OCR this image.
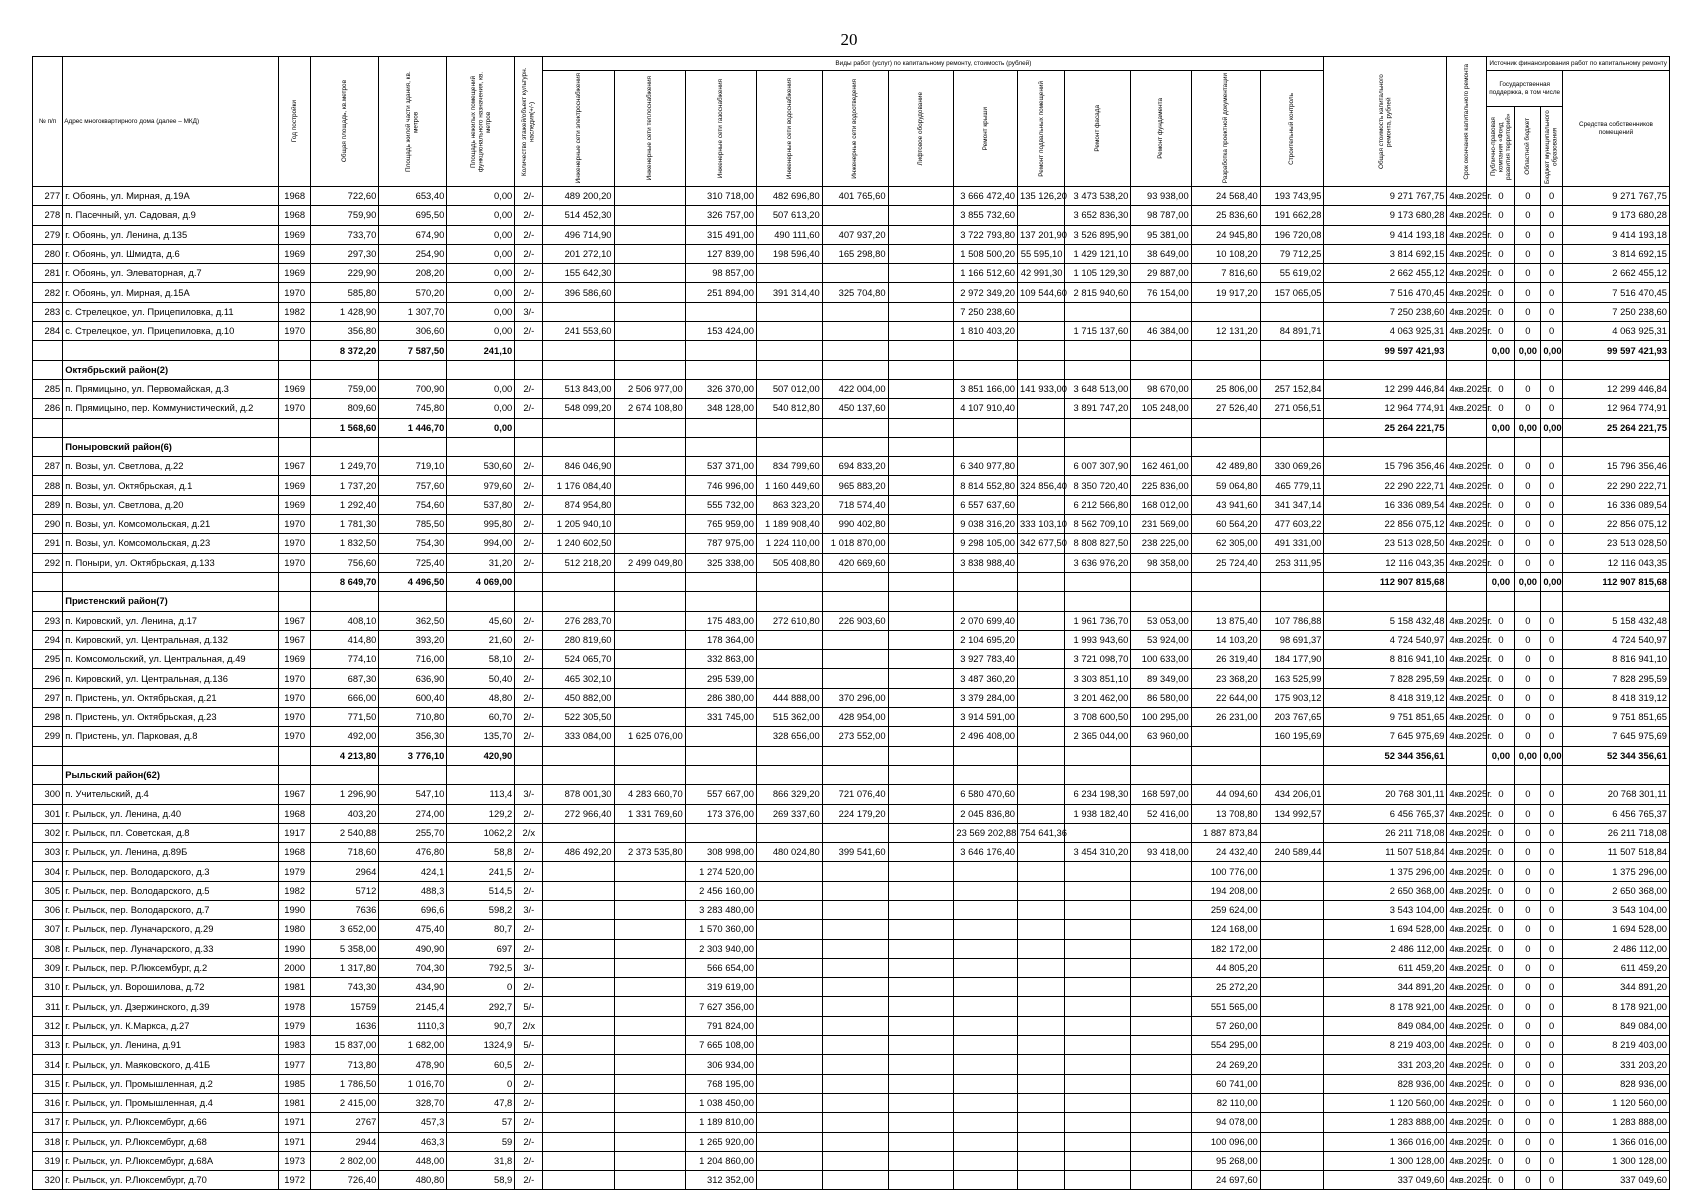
20
№ п/п	Адрес многоквартирного дома (далее – МКД)	Год постройки	Общая площадь, кв.метров	Площадь жилой части здания, кв. метров	Площадь нежилых помещений функционального назначения, кв. метров	Количество этажей/объект культурн. наследия(+/-)	Виды работ (услуг) по капитальному ремонту, стоимость (рублей)												Общая стоимость капитального ремонта, рублей	Срок окончания капитального ремонта	Источник финансирования работ по капитальному ремонту			

							Инженерные сети электроснабжения	Инженерные сети теплоснабжения	Инженерные сети газоснабжения	Инженерные сети водоснабжения	Инженерные сети водоотведения	Лифтовое оборудование	Ремонт крыши	Ремонт подвальных помещений	Ремонт фасада	Ремонт фундамента	Разработка проектной документации	Строительный контроль			Государственная поддержка, в том числе			Средства собственников помещений

																					Публично-правовая компания «Фонд развития территорий»	Областной бюджет	Бюджет муниципального образования	

277	г. Обоянь, ул. Мирная, д.19А	1968	722,60	653,40	0,00	2/-	489 200,20		310 718,00	482 696,80	401 765,60		3 666 472,40	135 126,20	3 473 538,20	93 938,00	24 568,40	193 743,95	9 271 767,75	4кв.2025г.	0	0	0	9 271 767,75
278	п. Пасечный, ул. Садовая, д.9	1968	759,90	695,50	0,00	2/-	514 452,30		326 757,00	507 613,20			3 855 732,60		3 652 836,30	98 787,00	25 836,60	191 662,28	9 173 680,28	4кв.2025г.	0	0	0	9 173 680,28
279	г. Обоянь, ул. Ленина, д.135	1969	733,70	674,90	0,00	2/-	496 714,90		315 491,00	490 111,60	407 937,20		3 722 793,80	137 201,90	3 526 895,90	95 381,00	24 945,80	196 720,08	9 414 193,18	4кв.2025г.	0	0	0	9 414 193,18
280	г. Обоянь, ул. Шмидта, д.6	1969	297,30	254,90	0,00	2/-	201 272,10		127 839,00	198 596,40	165 298,80		1 508 500,20	55 595,10	1 429 121,10	38 649,00	10 108,20	79 712,25	3 814 692,15	4кв.2025г.	0	0	0	3 814 692,15
281	г. Обоянь, ул. Элеваторная, д.7	1969	229,90	208,20	0,00	2/-	155 642,30		98 857,00				1 166 512,60	42 991,30	1 105 129,30	29 887,00	7 816,60	55 619,02	2 662 455,12	4кв.2025г.	0	0	0	2 662 455,12
282	г. Обоянь, ул. Мирная, д.15А	1970	585,80	570,20	0,00	2/-	396 586,60		251 894,00	391 314,40	325 704,80		2 972 349,20	109 544,60	2 815 940,60	76 154,00	19 917,20	157 065,05	7 516 470,45	4кв.2025г.	0	0	0	7 516 470,45
283	с. Стрелецкое, ул. Прицепиловка, д.11	1982	1 428,90	1 307,70	0,00	3/-							7 250 238,60						7 250 238,60	4кв.2025г.	0	0	0	7 250 238,60
284	с. Стрелецкое, ул. Прицепиловка, д.10	1970	356,80	306,60	0,00	2/-	241 553,60		153 424,00				1 810 403,20		1 715 137,60	46 384,00	12 131,20	84 891,71	4 063 925,31	4кв.2025г.	0	0	0	4 063 925,31
			8 372,20	7 587,50	241,10														99 597 421,93		0,00	0,00	0,00	99 597 421,93
	Октябрьский район(2)																							
285	п. Прямицыно, ул. Первомайская, д.3	1969	759,00	700,90	0,00	2/-	513 843,00	2 506 977,00	326 370,00	507 012,00	422 004,00		3 851 166,00	141 933,00	3 648 513,00	98 670,00	25 806,00	257 152,84	12 299 446,84	4кв.2025г.	0	0	0	12 299 446,84
286	п. Прямицыно, пер. Коммунистический, д.2	1970	809,60	745,80	0,00	2/-	548 099,20	2 674 108,80	348 128,00	540 812,80	450 137,60		4 107 910,40		3 891 747,20	105 248,00	27 526,40	271 056,51	12 964 774,91	4кв.2025г.	0	0	0	12 964 774,91
			1 568,60	1 446,70	0,00														25 264 221,75		0,00	0,00	0,00	25 264 221,75
	Поныровский район(6)																							
287	п. Возы, ул. Светлова, д.22	1967	1 249,70	719,10	530,60	2/-	846 046,90		537 371,00	834 799,60	694 833,20		6 340 977,80		6 007 307,90	162 461,00	42 489,80	330 069,26	15 796 356,46	4кв.2025г.	0	0	0	15 796 356,46
288	п. Возы, ул. Октябрьская, д.1	1969	1 737,20	757,60	979,60	2/-	1 176 084,40		746 996,00	1 160 449,60	965 883,20		8 814 552,80	324 856,40	8 350 720,40	225 836,00	59 064,80	465 779,11	22 290 222,71	4кв.2025г.	0	0	0	22 290 222,71
289	п. Возы, ул. Светлова, д.20	1969	1 292,40	754,60	537,80	2/-	874 954,80		555 732,00	863 323,20	718 574,40		6 557 637,60		6 212 566,80	168 012,00	43 941,60	341 347,14	16 336 089,54	4кв.2025г.	0	0	0	16 336 089,54
290	п. Возы, ул. Комсомольская, д.21	1970	1 781,30	785,50	995,80	2/-	1 205 940,10		765 959,00	1 189 908,40	990 402,80		9 038 316,20	333 103,10	8 562 709,10	231 569,00	60 564,20	477 603,22	22 856 075,12	4кв.2025г.	0	0	0	22 856 075,12
291	п. Возы, ул. Комсомольская, д.23	1970	1 832,50	754,30	994,00	2/-	1 240 602,50		787 975,00	1 224 110,00	1 018 870,00		9 298 105,00	342 677,50	8 808 827,50	238 225,00	62 305,00	491 331,00	23 513 028,50	4кв.2025г.	0	0	0	23 513 028,50
292	п. Поныри, ул. Октябрьская, д.133	1970	756,60	725,40	31,20	2/-	512 218,20	2 499 049,80	325 338,00	505 408,80	420 669,60		3 838 988,40		3 636 976,20	98 358,00	25 724,40	253 311,95	12 116 043,35	4кв.2025г.	0	0	0	12 116 043,35
			8 649,70	4 496,50	4 069,00														112 907 815,68		0,00	0,00	0,00	112 907 815,68
	Пристенский район(7)																							
293	п. Кировский, ул. Ленина, д.17	1967	408,10	362,50	45,60	2/-	276 283,70		175 483,00	272 610,80	226 903,60		2 070 699,40		1 961 736,70	53 053,00	13 875,40	107 786,88	5 158 432,48	4кв.2025г.	0	0	0	5 158 432,48
294	п. Кировский, ул. Центральная, д.132	1967	414,80	393,20	21,60	2/-	280 819,60		178 364,00				2 104 695,20		1 993 943,60	53 924,00	14 103,20	98 691,37	4 724 540,97	4кв.2025г.	0	0	0	4 724 540,97
295	п. Комсомольский, ул. Центральная, д.49	1969	774,10	716,00	58,10	2/-	524 065,70		332 863,00				3 927 783,40		3 721 098,70	100 633,00	26 319,40	184 177,90	8 816 941,10	4кв.2025г.	0	0	0	8 816 941,10
296	п. Кировский, ул. Центральная, д.136	1970	687,30	636,90	50,40	2/-	465 302,10		295 539,00				3 487 360,20		3 303 851,10	89 349,00	23 368,20	163 525,99	7 828 295,59	4кв.2025г.	0	0	0	7 828 295,59
297	п. Пристень, ул. Октябрьская, д.21	1970	666,00	600,40	48,80	2/-	450 882,00		286 380,00	444 888,00	370 296,00		3 379 284,00		3 201 462,00	86 580,00	22 644,00	175 903,12	8 418 319,12	4кв.2025г.	0	0	0	8 418 319,12
298	п. Пристень, ул. Октябрьская, д.23	1970	771,50	710,80	60,70	2/-	522 305,50		331 745,00	515 362,00	428 954,00		3 914 591,00		3 708 600,50	100 295,00	26 231,00	203 767,65	9 751 851,65	4кв.2025г.	0	0	0	9 751 851,65
299	п. Пристень, ул. Парковая, д.8	1970	492,00	356,30	135,70	2/-	333 084,00	1 625 076,00		328 656,00	273 552,00		2 496 408,00		2 365 044,00	63 960,00		160 195,69	7 645 975,69	4кв.2025г.	0	0	0	7 645 975,69
			4 213,80	3 776,10	420,90														52 344 356,61		0,00	0,00	0,00	52 344 356,61
	Рыльский район(62)																							
300	п. Учительский, д.4	1967	1 296,90	547,10	113,4	3/-	878 001,30	4 283 660,70	557 667,00	866 329,20	721 076,40		6 580 470,60		6 234 198,30	168 597,00	44 094,60	434 206,01	20 768 301,11	4кв.2025г.	0	0	0	20 768 301,11
301	г. Рыльск, ул. Ленина, д.40	1968	403,20	274,00	129,2	2/-	272 966,40	1 331 769,60	173 376,00	269 337,60	224 179,20		2 045 836,80		1 938 182,40	52 416,00	13 708,80	134 992,57	6 456 765,37	4кв.2025г.	0	0	0	6 456 765,37
302	г. Рыльск, пл. Советская, д.8	1917	2 540,88	255,70	1062,2	2/х							23 569 202,88	754 641,36			1 887 873,84		26 211 718,08	4кв.2025г.	0	0	0	26 211 718,08
303	г. Рыльск, ул. Ленина, д.89Б	1968	718,60	476,80	58,8	2/-	486 492,20	2 373 535,80	308 998,00	480 024,80	399 541,60		3 646 176,40		3 454 310,20	93 418,00	24 432,40	240 589,44	11 507 518,84	4кв.2025г.	0	0	0	11 507 518,84
304	г. Рыльск, пер. Володарского, д.3	1979	2964	424,1	241,5	2/-			1 274 520,00								100 776,00		1 375 296,00	4кв.2025г.	0	0	0	1 375 296,00
305	г. Рыльск, пер. Володарского, д.5	1982	5712	488,3	514,5	2/-			2 456 160,00								194 208,00		2 650 368,00	4кв.2025г.	0	0	0	2 650 368,00
306	г. Рыльск, пер. Володарского, д.7	1990	7636	696,6	598,2	3/-			3 283 480,00								259 624,00		3 543 104,00	4кв.2025г.	0	0	0	3 543 104,00
307	г. Рыльск, пер. Луначарского, д.29	1980	3 652,00	475,40	80,7	2/-			1 570 360,00								124 168,00		1 694 528,00	4кв.2025г.	0	0	0	1 694 528,00
308	г. Рыльск, пер. Луначарского, д.33	1990	5 358,00	490,90	697	2/-			2 303 940,00								182 172,00		2 486 112,00	4кв.2025г.	0	0	0	2 486 112,00
309	г. Рыльск, пер. Р.Люксембург, д.2	2000	1 317,80	704,30	792,5	3/-			566 654,00								44 805,20		611 459,20	4кв.2025г.	0	0	0	611 459,20
310	г. Рыльск, ул. Ворошилова, д.72	1981	743,30	434,90	0	2/-			319 619,00								25 272,20		344 891,20	4кв.2025г.	0	0	0	344 891,20
311	г. Рыльск, ул. Дзержинского, д.39	1978	15759	2145,4	292,7	5/-			7 627 356,00								551 565,00		8 178 921,00	4кв.2025г.	0	0	0	8 178 921,00
312	г. Рыльск, ул. К.Маркса, д.27	1979	1636	1110,3	90,7	2/х			791 824,00								57 260,00		849 084,00	4кв.2025г.	0	0	0	849 084,00
313	г. Рыльск, ул. Ленина, д.91	1983	15 837,00	1 682,00	1324,9	5/-			7 665 108,00								554 295,00		8 219 403,00	4кв.2025г.	0	0	0	8 219 403,00
314	г. Рыльск, ул. Маяковского, д.41Б	1977	713,80	478,90	60,5	2/-			306 934,00								24 269,20		331 203,20	4кв.2025г.	0	0	0	331 203,20
315	г. Рыльск, ул. Промышленная, д.2	1985	1 786,50	1 016,70	0	2/-			768 195,00								60 741,00		828 936,00	4кв.2025г.	0	0	0	828 936,00
316	г. Рыльск, ул. Промышленная, д.4	1981	2 415,00	328,70	47,8	2/-			1 038 450,00								82 110,00		1 120 560,00	4кв.2025г.	0	0	0	1 120 560,00
317	г. Рыльск, ул. Р.Люксембург, д.66	1971	2767	457,3	57	2/-			1 189 810,00								94 078,00		1 283 888,00	4кв.2025г.	0	0	0	1 283 888,00
318	г. Рыльск, ул. Р.Люксембург, д.68	1971	2944	463,3	59	2/-			1 265 920,00								100 096,00		1 366 016,00	4кв.2025г.	0	0	0	1 366 016,00
319	г. Рыльск, ул. Р.Люксембург, д.68А	1973	2 802,00	448,00	31,8	2/-			1 204 860,00								95 268,00		1 300 128,00	4кв.2025г.	0	0	0	1 300 128,00
320	г. Рыльск, ул. Р.Люксембург, д.70	1972	726,40	480,80	58,9	2/-			312 352,00								24 697,60		337 049,60	4кв.2025г.	0	0	0	337 049,60
